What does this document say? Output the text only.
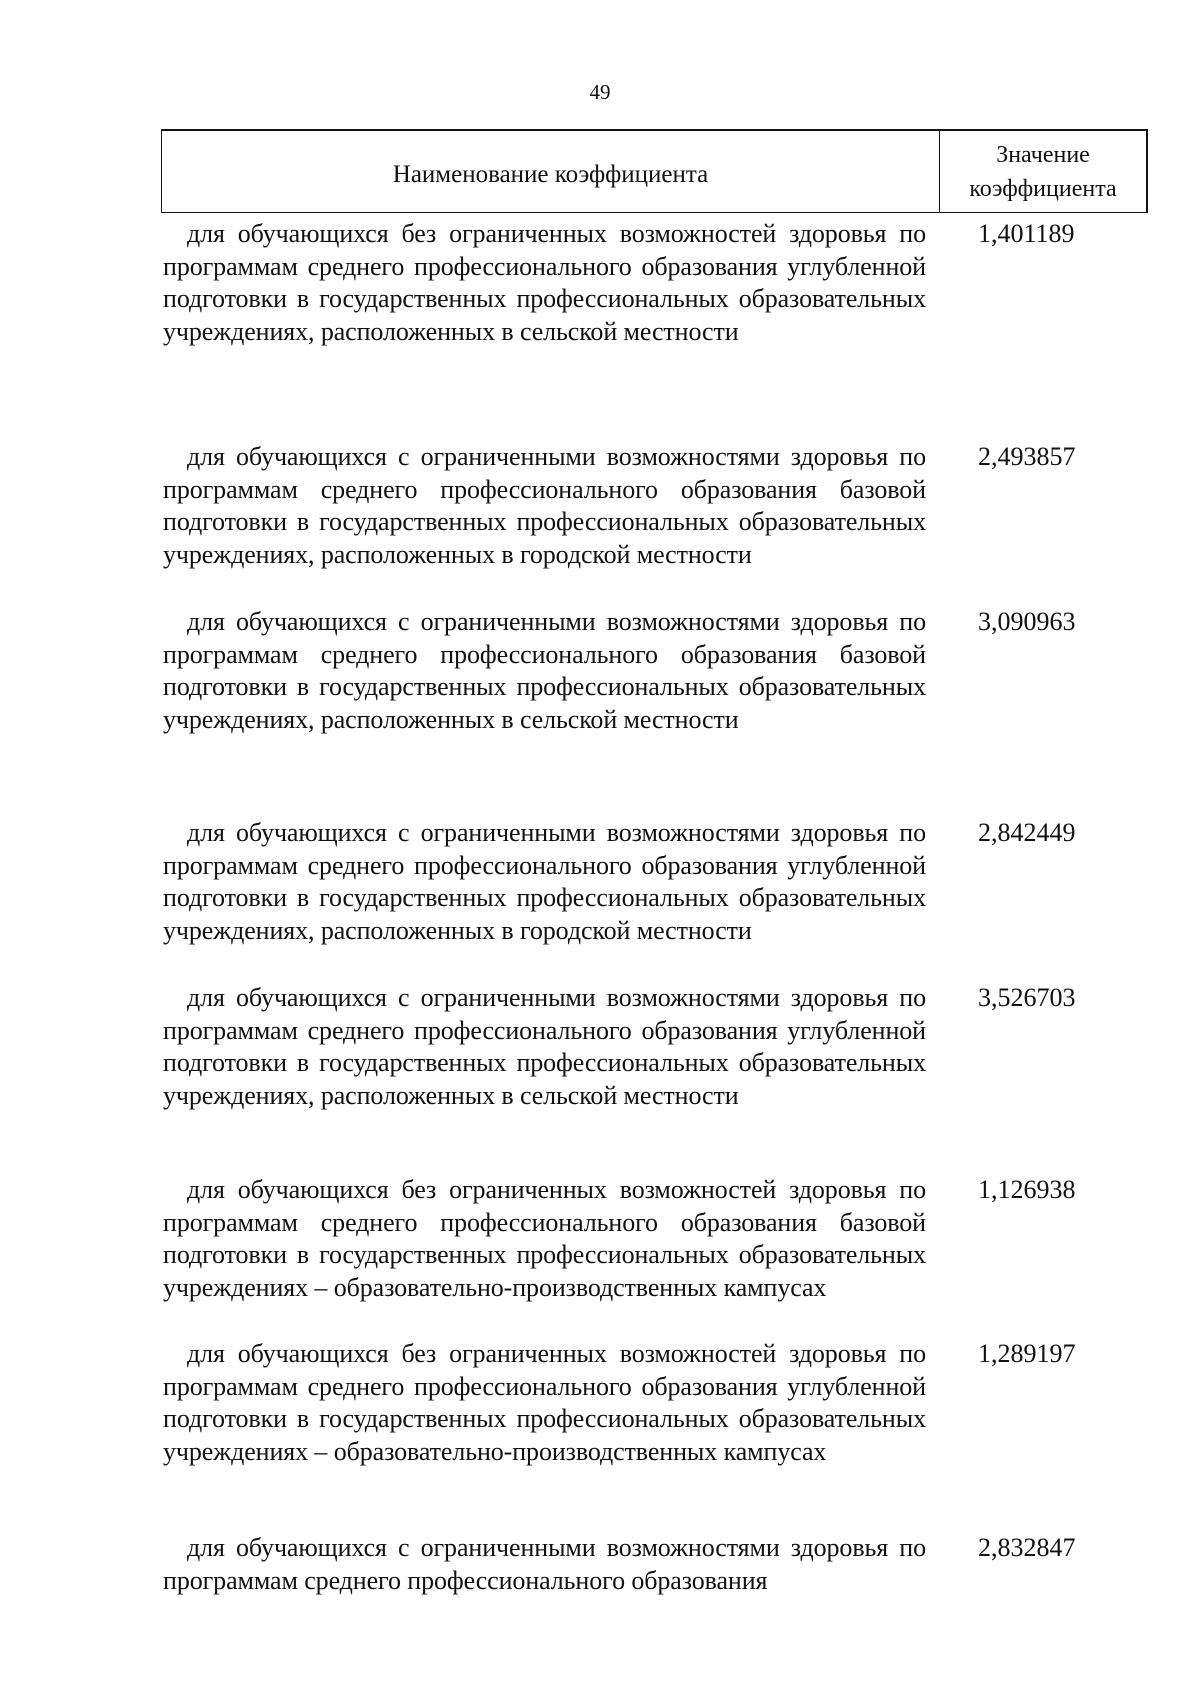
49
Наименование коэффициента
Значение коэффициента
для обучающихся без ограниченных возможностей здоровья по программам среднего профессионального образования углубленной подготовки в государственных профессиональных образовательных учреждениях, расположенных в сельской местности
1,401189
для обучающихся с ограниченными возможностями здоровья по программам среднего профессионального образования базовой подготовки в государственных профессиональных образовательных учреждениях, расположенных в городской местности
2,493857
для обучающихся с ограниченными возможностями здоровья по программам среднего профессионального образования базовой подготовки в государственных профессиональных образовательных учреждениях, расположенных в сельской местности
3,090963
для обучающихся с ограниченными возможностями здоровья по программам среднего профессионального образования углубленной подготовки в государственных профессиональных образовательных учреждениях, расположенных в городской местности
2,842449
для обучающихся с ограниченными возможностями здоровья по программам среднего профессионального образования углубленной подготовки в государственных профессиональных образовательных учреждениях, расположенных в сельской местности
3,526703
для обучающихся без ограниченных возможностей здоровья по программам среднего профессионального образования базовой подготовки в государственных профессиональных образовательных учреждениях – образовательно-производственных кампусах
1,126938
для обучающихся без ограниченных возможностей здоровья по программам среднего профессионального образования углубленной подготовки в государственных профессиональных образовательных учреждениях – образовательно-производственных кампусах
1,289197
для обучающихся с ограниченными возможностями здоровья по программам среднего профессионального образования
2,832847
